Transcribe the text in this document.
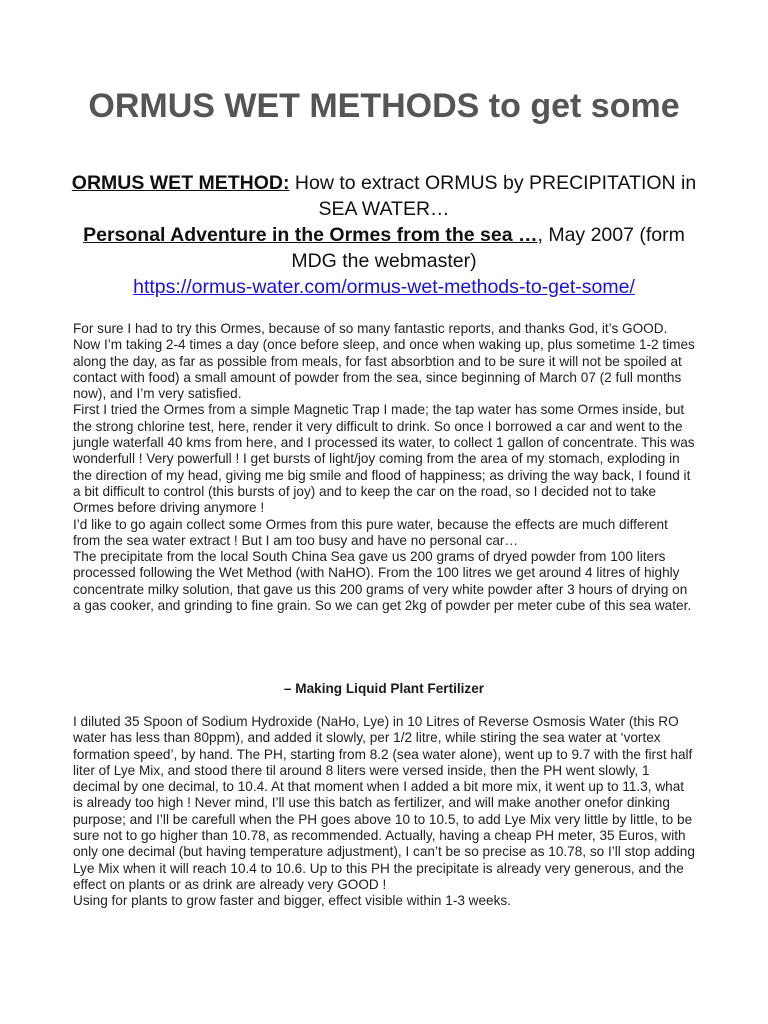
ORMUS WET METHODS to get some
ORMUS WET METHOD: How to extract ORMUS by PRECIPITATION in SEA WATER…
Personal Adventure in the Ormes from the sea …, May 2007 (form MDG the webmaster)
https://ormus-water.com/ormus-wet-methods-to-get-some/

For sure I had to try this Ormes, because of so many fantastic reports, and thanks God, it’s GOOD. Now I’m taking 2-4 times a day (once before sleep, and once when waking up, plus sometime 1-2 times along the day, as far as possible from meals, for fast absorbtion and to be sure it will not be spoiled at contact with food) a small amount of powder from the sea, since beginning of March 07 (2 full months now), and I’m very satisfied.

First I tried the Ormes from a simple Magnetic Trap I made; the tap water has some Ormes inside, but the strong chlorine test, here, render it very difficult to drink. So once I borrowed a car and went to the jungle waterfall 40 kms from here, and I processed its water, to collect 1 gallon of concentrate. This was wonderfull ! Very powerfull ! I get bursts of light/joy coming from the area of my stomach, exploding in the direction of my head, giving me big smile and flood of happiness; as driving the way back, I found it a bit difficult to control (this bursts of joy) and to keep the car on the road, so I decided not to take Ormes before driving anymore !

I’d like to go again collect some Ormes from this pure water, because the effects are much different from the sea water extract ! But I am too busy and have no personal car…

The precipitate from the local South China Sea gave us 200 grams of dryed powder from 100 liters processed following the Wet Method (with NaHO). From the 100 litres we get around 4 litres of highly concentrate milky solution, that gave us this 200 grams of very white powder after 3 hours of drying on a gas cooker, and grinding to fine grain. So we can get 2kg of powder per meter cube of this sea water.

– Making Liquid Plant Fertilizer

I diluted 35 Spoon of Sodium Hydroxide (NaHo, Lye) in 10 Litres of Reverse Osmosis Water (this RO water has less than 80ppm), and added it slowly, per 1/2 litre, while stiring the sea water at ‘vortex formation speed’, by hand. The PH, starting from 8.2 (sea water alone), went up to 9.7 with the first half liter of Lye Mix, and stood there til around 8 liters were versed inside, then the PH went slowly, 1 decimal by one decimal, to 10.4. At that moment when I added a bit more mix, it went up to 11.3, what is already too high ! Never mind, I’ll use this batch as fertilizer, and will make another onefor dinking purpose; and I’ll be carefull when the PH goes above 10 to 10.5, to add Lye Mix very little by little, to be sure not to go higher than 10.78, as recommended. Actually, having a cheap PH meter, 35 Euros, with only one decimal (but having temperature adjustment), I can’t be so precise as 10.78, so I’ll stop adding Lye Mix when it will reach 10.4 to 10.6. Up to this PH the precipitate is already very generous, and the effect on plants or as drink are already very GOOD !

Using for plants to grow faster and bigger, effect visible within 1-3 weeks.
